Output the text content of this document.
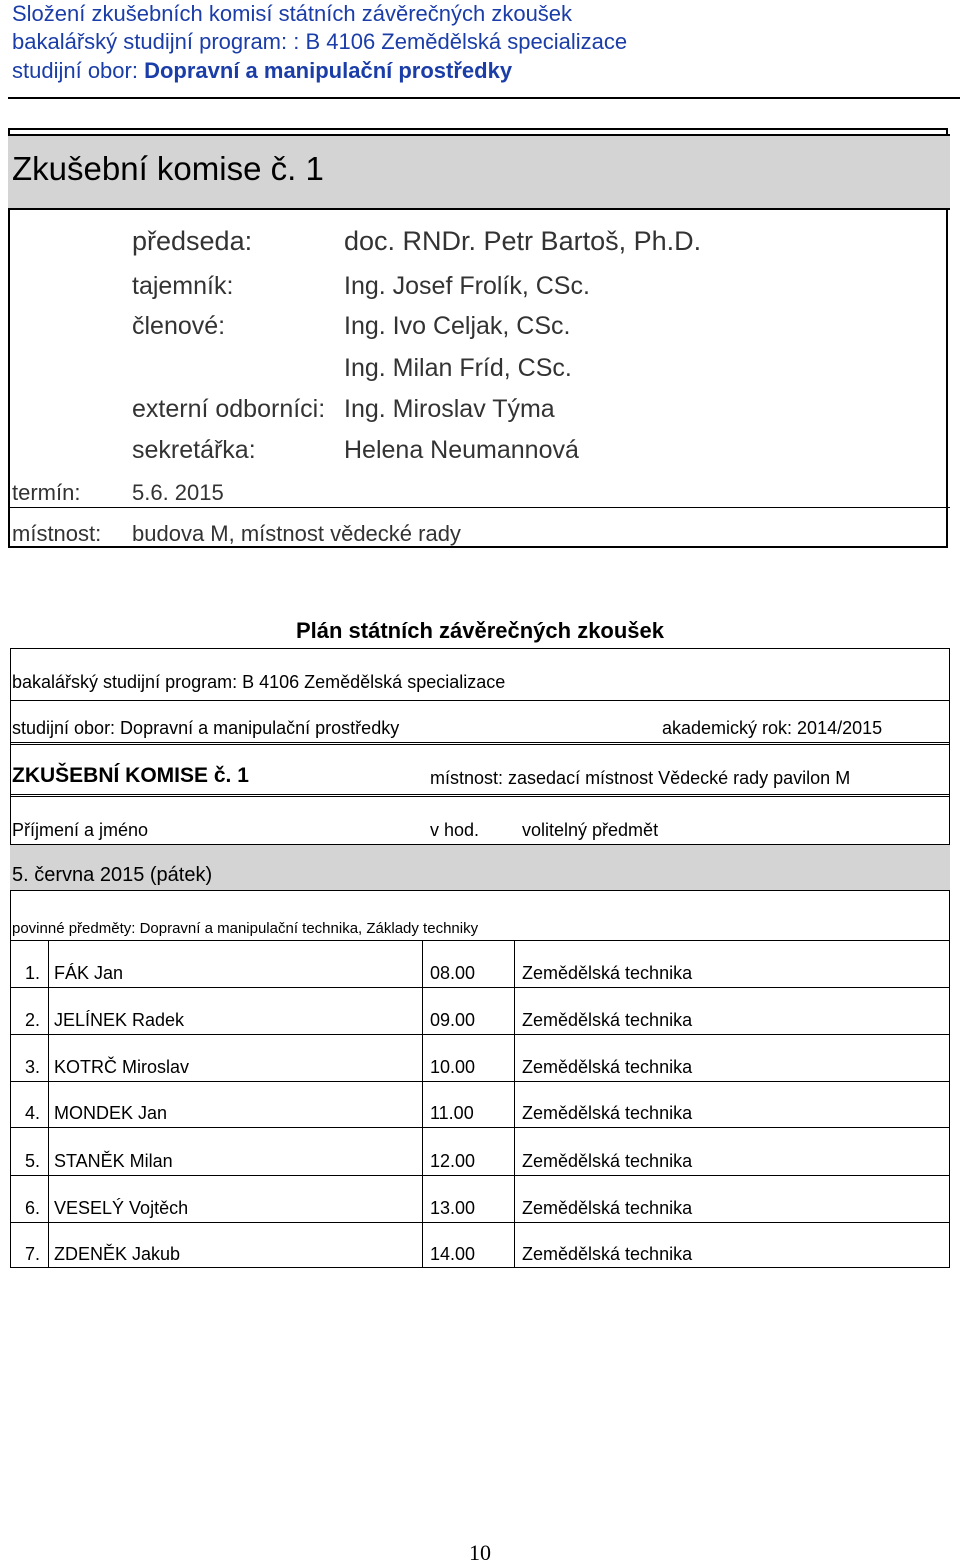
Složení zkušebních komisí státních závěrečných zkoušek
bakalářský studijní program: : B 4106 Zemědělská specializace
studijní obor: Dopravní a manipulační prostředky
Zkušební komise č. 1
předseda:	doc. RNDr. Petr Bartoš, Ph.D.
tajemník:	Ing. Josef Frolík, CSc.
členové:	Ing. Ivo Celjak, CSc.
Ing. Milan Fríd, CSc.
externí odborníci: Ing. Miroslav Týma
sekretářka:	Helena Neumannová
termín: 5.6. 2015
místnost: budova M, místnost vědecké rady
Plán státních závěrečných zkoušek
bakalářský studijní program: B 4106 Zemědělská specializace
studijní obor: Dopravní a manipulační prostředky	akademický rok: 2014/2015
ZKUŠEBNÍ KOMISE č. 1	místnost: zasedací místnost Vědecké rady pavilon M
Příjmení a jméno	v hod. volitelný předmět
5. června 2015 (pátek)
povinné předměty: Dopravní a manipulační technika, Základy techniky
1. FÁK Jan	08.00	Zemědělská technika
2. JELÍNEK Radek	09.00	Zemědělská technika
3. KOTRČ Miroslav	10.00	Zemědělská technika
4. MONDEK Jan	11.00	Zemědělská technika
5. STANĚK Milan	12.00	Zemědělská technika
6. VESELÝ Vojtěch	13.00	Zemědělská technika
7. ZDENĚK Jakub	14.00	Zemědělská technika
10
